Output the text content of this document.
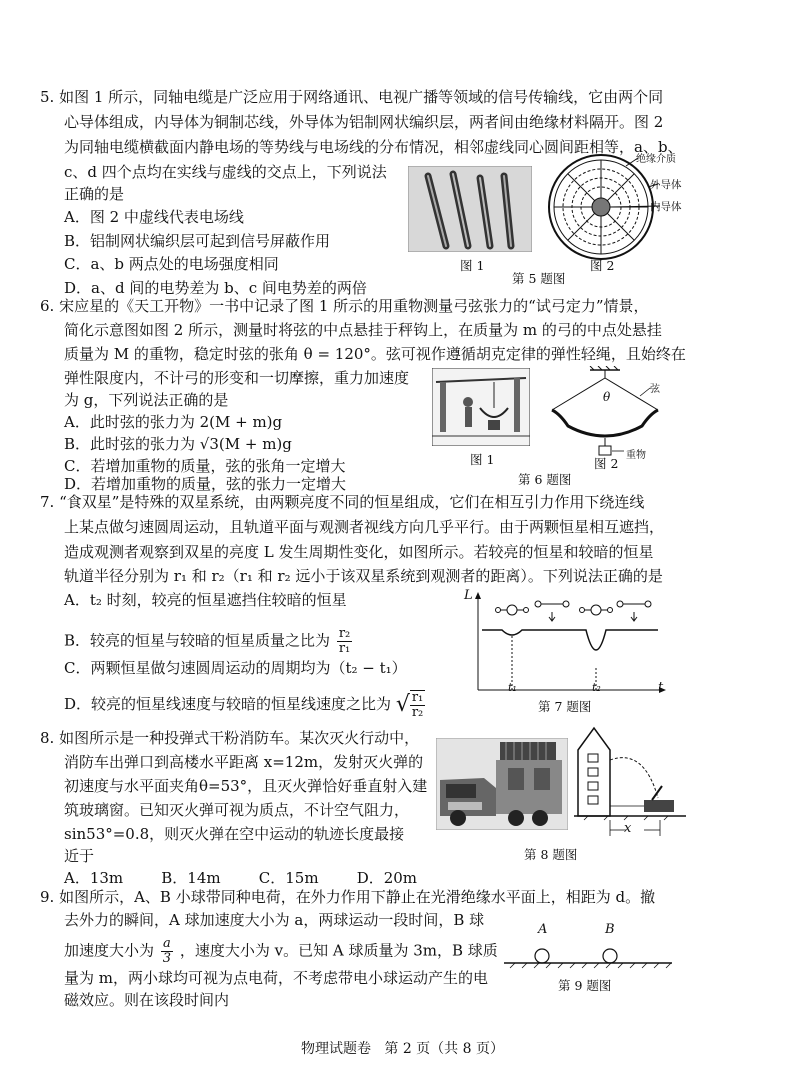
5. 如图 1 所示，同轴电缆是广泛应用于网络通讯、电视广播等领域的信号传输线，它由两个同
心导体组成，内导体为铜制芯线，外导体为铝制网状编织层，两者间由绝缘材料隔开。图 2
为同轴电缆横截面内静电场的等势线与电场线的分布情况，相邻虚线同心圆间距相等，a、b、
c、d 四个点均在实线与虚线的交点上，下列说法
正确的是
A．图 2 中虚线代表电场线
B．铝制网状编织层可起到信号屏蔽作用
C．a、b 两点处的电场强度相同
D．a、d 间的电势差为 b、c 间电势差的两倍
图 1
绝缘介质
外导体
内导体
图 2
第 5 题图
6. 宋应星的《天工开物》一书中记录了图 1 所示的用重物测量弓弦张力的“试弓定力”情景，
简化示意图如图 2 所示，测量时将弦的中点悬挂于秤钩上，在质量为 m 的弓的中点处悬挂
质量为 M 的重物，稳定时弦的张角 θ = 120°。弦可视作遵循胡克定律的弹性轻绳，且始终在
弹性限度内，不计弓的形变和一切摩擦，重力加速度
为 g，下列说法正确的是
A．此时弦的张力为 2(M + m)g
B．此时弦的张力为 √3(M + m)g
C．若增加重物的质量，弦的张角一定增大
D．若增加重物的质量，弦的张力一定增大
图 1
弦
θ
重物
图 2
第 6 题图
7. “食双星”是特殊的双星系统，由两颗亮度不同的恒星组成，它们在相互引力作用下绕连线
上某点做匀速圆周运动，且轨道平面与观测者视线方向几乎平行。由于两颗恒星相互遮挡，
造成观测者观察到双星的亮度 L 发生周期性变化，如图所示。若较亮的恒星和较暗的恒星
轨道半径分别为 r₁ 和 r₂（r₁ 和 r₂ 远小于该双星系统到观测者的距离）。下列说法正确的是
A．t₂ 时刻，较亮的恒星遮挡住较暗的恒星
B．较亮的恒星与较暗的恒星质量之比为 $\frac{\text{r₂}}{\text{r₁}}$
C．两颗恒星做匀速圆周运动的周期均为（t₂ − t₁）
D．较亮的恒星线速度与较暗的恒星线速度之比为 √ $\frac{\text{r₁}}{\text{r₂}}$
L
t
t₁	t₂
第 7 题图
8. 如图所示是一种投弹式干粉消防车。某次灭火行动中，
消防车出弹口到高楼水平距离 x=12m，发射灭火弹的
初速度与水平面夹角θ=53°，且灭火弹恰好垂直射入建
筑玻璃窗。已知灭火弹可视为质点，不计空气阻力，
sin53°=0.8，则灭火弹在空中运动的轨迹长度最接
近于
A．13m        B．14m        C．15m        D．20m
x
第 8 题图
9. 如图所示，A、B 小球带同种电荷，在外力作用下静止在光滑绝缘水平面上，相距为 d。撤
去外力的瞬间，A 球加速度大小为 a，两球运动一段时间，B 球
加速度大小为 $\frac{a}{3}$ ，速度大小为 v。已知 A 球质量为 3m，B 球质
量为 m，两小球均可视为点电荷，不考虑带电小球运动产生的电
磁效应。则在该段时间内
A	B
第 9 题图
物理试题卷   第 2 页（共 8 页）
